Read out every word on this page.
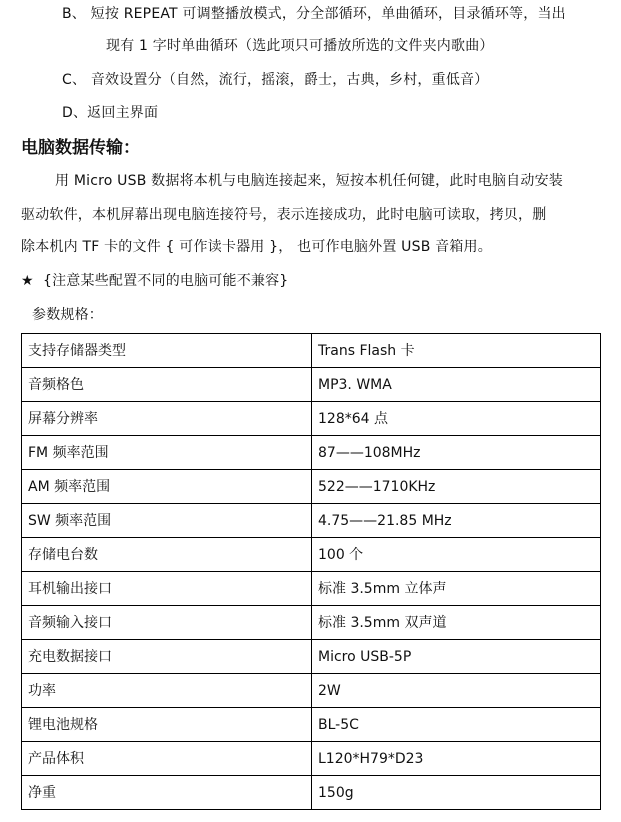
B、 短按 REPEAT 可调整播放模式，分全部循环，单曲循环，目录循环等，当出
现有 1 字时单曲循环（选此项只可播放所选的文件夹内歌曲）
C、 音效设置分（自然，流行，摇滚，爵士，古典，乡村，重低音）
D、返回主界面
电脑数据传输：
用 Micro USB 数据将本机与电脑连接起来，短按本机任何键，此时电脑自动安装
驱动软件，本机屏幕出现电脑连接符号，表示连接成功，此时电脑可读取，拷贝，删
除本机内 TF 卡的文件 { 可作读卡器用 }， 也可作电脑外置 USB 音箱用。
★ {注意某些配置不同的电脑可能不兼容}
参数规格：
支持存储器类型	Trans Flash 卡
音频格色	MP3. WMA
屏幕分辨率	128*64 点
FM 频率范围	87——108MHz
AM 频率范围	522——1710KHz
SW 频率范围	4.75——21.85 MHz
存储电台数	100 个
耳机输出接口	标准 3.5mm 立体声
音频输入接口	标准 3.5mm 双声道
充电数据接口	Micro USB-5P
功率	2W
锂电池规格	BL-5C
产品体积	L120*H79*D23
净重	150g
